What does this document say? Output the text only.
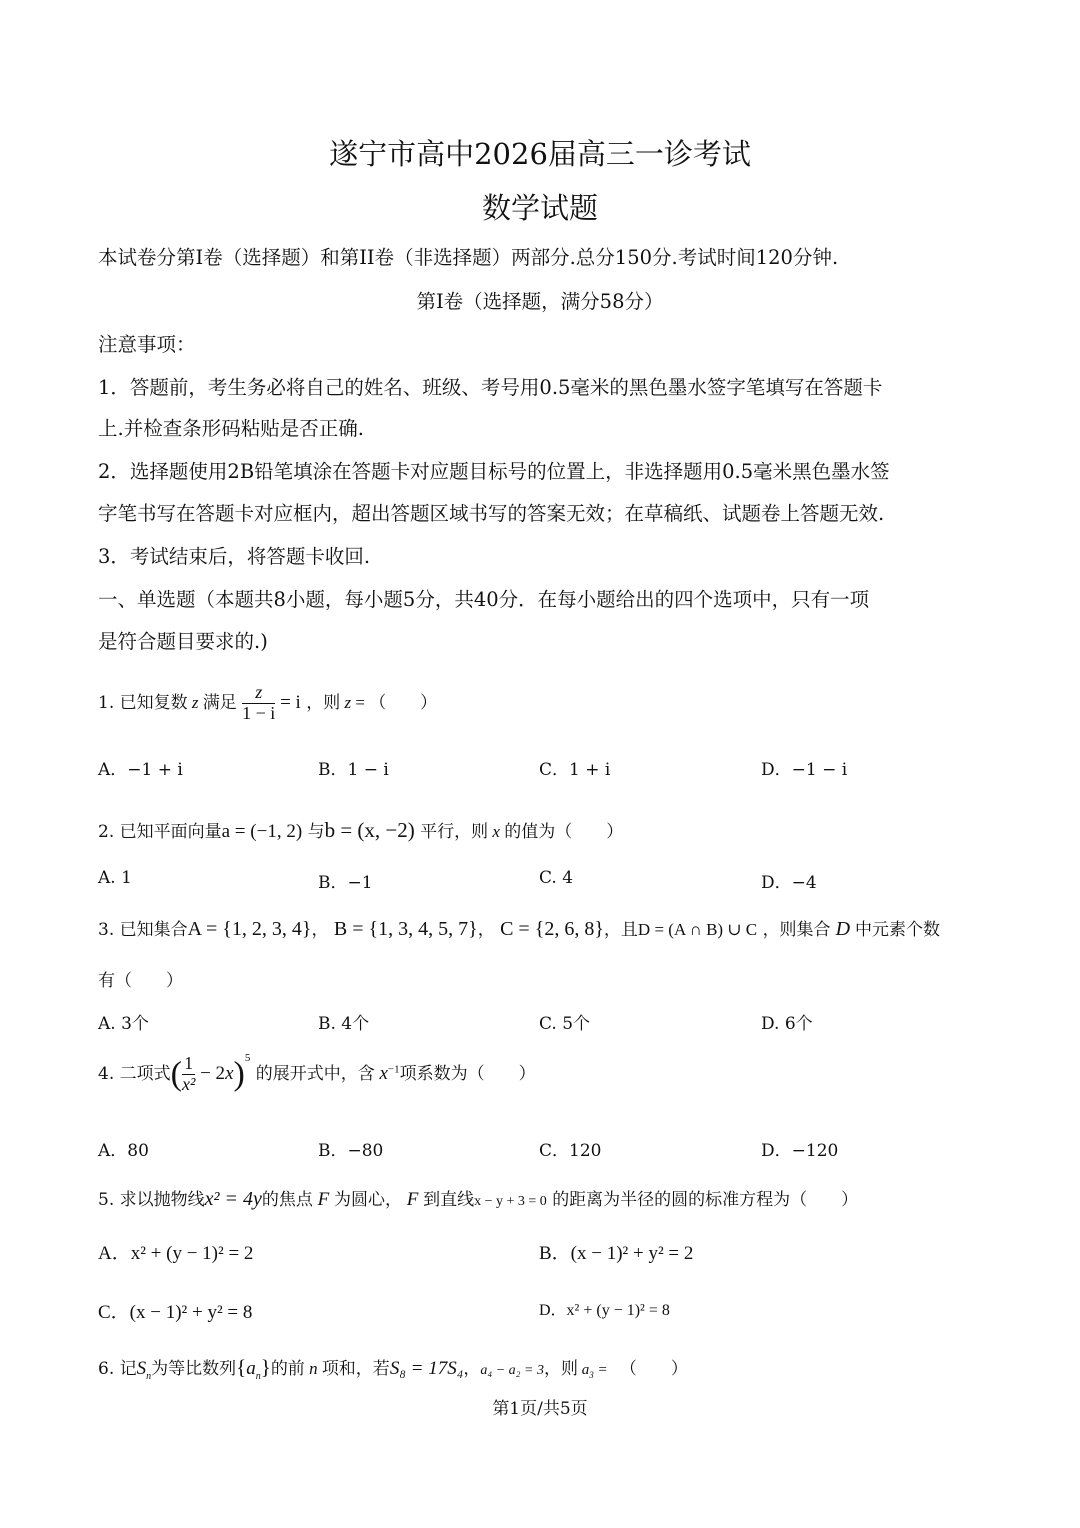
遂宁市高中2026届高三一诊考试
数学试题
本试卷分第I卷（选择题）和第II卷（非选择题）两部分.总分150分.考试时间120分钟.
第Ⅰ卷（选择题，满分58分）
注意事项：
1．答题前，考生务必将自己的姓名、班级、考号用0.5毫米的黑色墨水签字笔填写在答题卡
上.并检查条形码粘贴是否正确.
2．选择题使用2B铅笔填涂在答题卡对应题目标号的位置上，非选择题用0.5毫米黑色墨水签
字笔书写在答题卡对应框内，超出答题区域书写的答案无效；在草稿纸、试题卷上答题无效.
3．考试结束后，将答题卡收回.
一、单选题（本题共8小题，每小题5分，共40分．在每小题给出的四个选项中，只有一项
是符合题目要求的.)
1. 已知复数 z 满足 $\frac{z}{1 - i} = i$ ，则 z = （　　）
A．−1 + i	B．1 − i	C．1 + i	D．−1 − i
2. 已知平面向量a = (−1, 2) 与b = (x, −2) 平行，则 x 的值为（　　）
A. 1	B．−1	C. 4	D．−4
3. 已知集合A = {1, 2, 3, 4}， B = {1, 3, 4, 5, 7}， C = {2, 6, 8}，且D = (A ∩ B) ∪ C ，则集合 D 中元素个数
有（　　）
A. 3个	B. 4个	C. 5个	D. 6个
4. 二项式( $\frac{1}{\text{x²}} - 2x)^5$ 的展开式中，含 $x^{-1}$项系数为（　　）
A．80	B．−80	C．120	D．−120
5. 求以抛物线x² = 4y的焦点 F 为圆心， F 到直线x − y + 3 = 0 的距离为半径的圆的标准方程为（　　）
A．x² + (y − 1)² = 2	B．(x − 1)² + y² = 2
C．(x − 1)² + y² = 8	D．x² + (y − 1)² = 8
6. 记$S_n$为等比数列$\{a_n\}$的前 n 项和，若S₈ = 17S₄，a₄ − a₂ = 3，则 $a_3$ = 　（　　）
第1页/共5页
